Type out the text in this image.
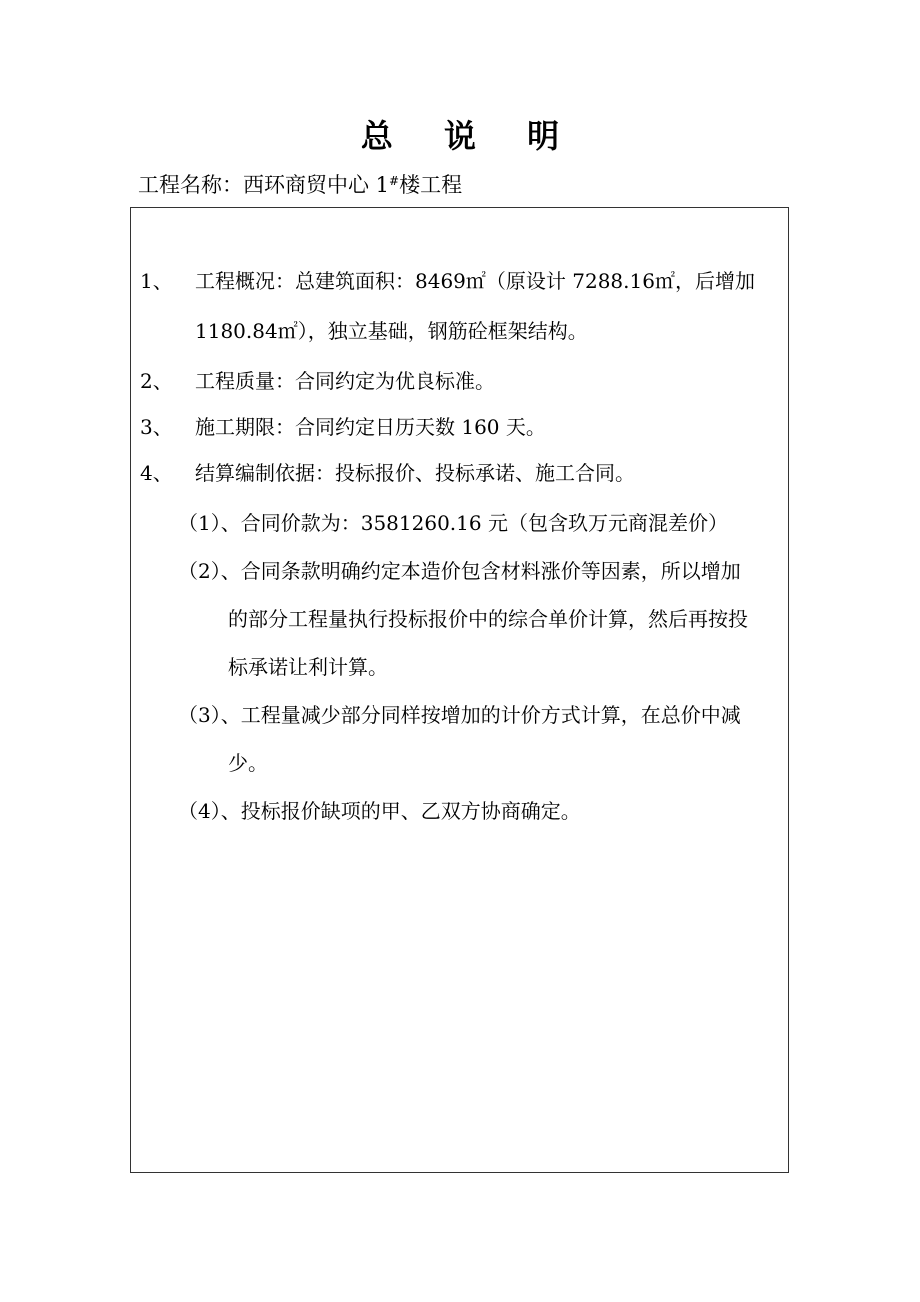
总 说 明
工程名称：西环商贸中心 1#楼工程
1、 工程概况：总建筑面积：8469㎡（原设计 7288.16㎡，后增加
1180.84㎡），独立基础，钢筋砼框架结构。
2、 工程质量：合同约定为优良标准。
3、 施工期限：合同约定日历天数 160 天。
4、 结算编制依据：投标报价、投标承诺、施工合同。
（1）、合同价款为：3581260.16 元（包含玖万元商混差价）
（2）、合同条款明确约定本造价包含材料涨价等因素，所以增加
的部分工程量执行投标报价中的综合单价计算，然后再按投
标承诺让利计算。
（3）、工程量减少部分同样按增加的计价方式计算，在总价中减
少。
（4）、投标报价缺项的甲、乙双方协商确定。
